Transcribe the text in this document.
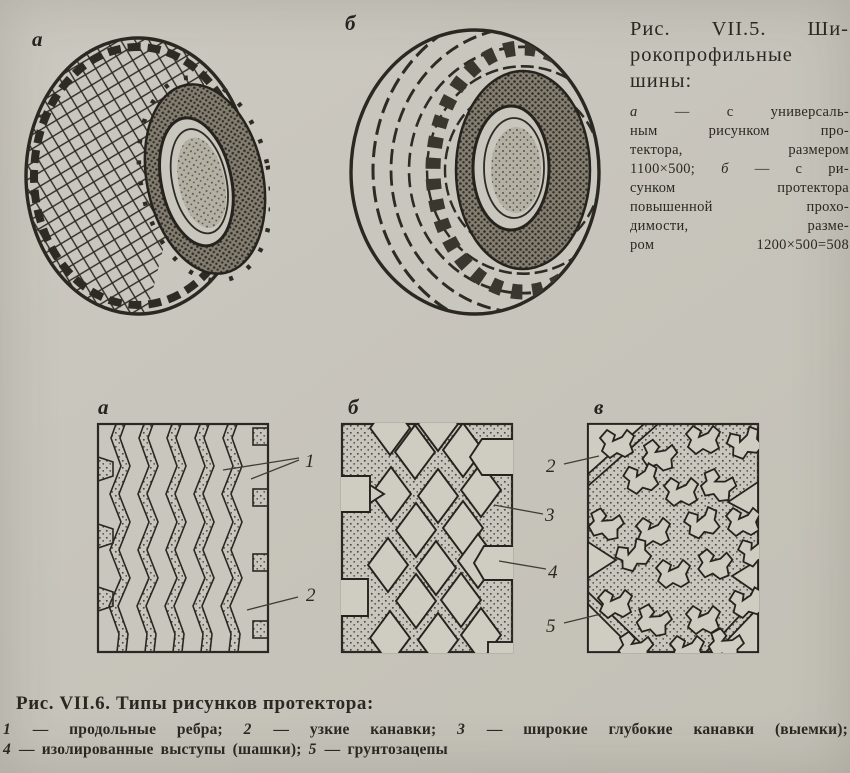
а
б	Рис. VII.5. Ши-
рокопрофильные
шины:
а — с универсаль-
ным рисунком про-
тектора, размером
1100×500; б — с ри-
сунком протектора
повышенной прохо-
димости, разме-
ром 1200×500=508
а	б	в
1
2
2
3
4
5
Рис. VII.6. Типы рисунков протектора:
1 — продольные ребра; 2 — узкие канавки; 3 — широкие глубокие канавки (выемки);
4 — изолированные выступы (шашки); 5 — грунтозацепы
